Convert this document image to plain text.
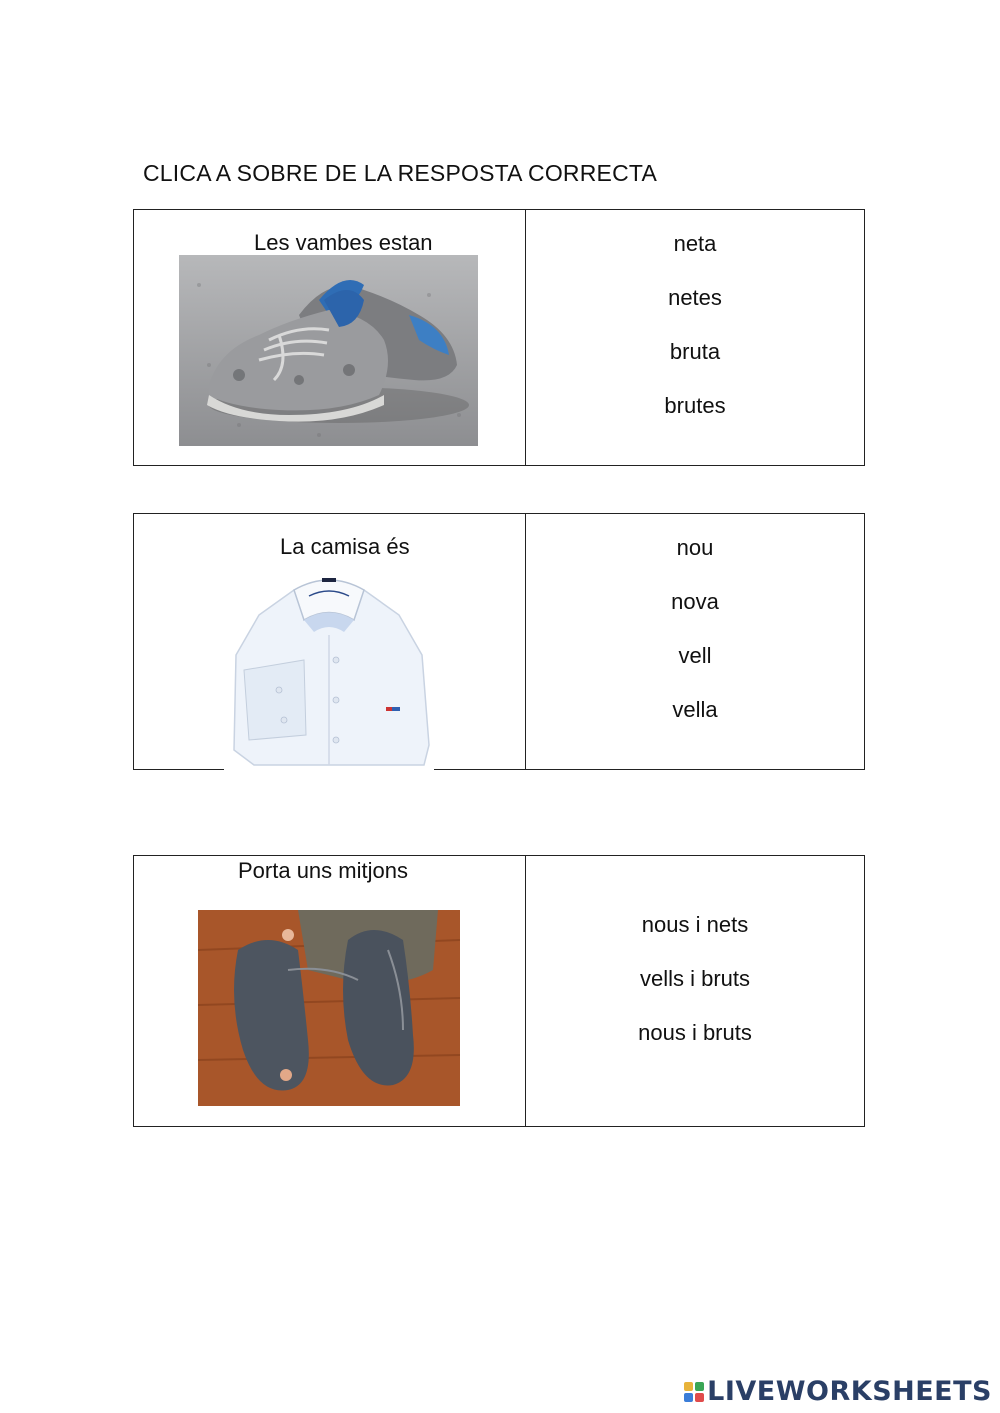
CLICA A SOBRE DE LA RESPOSTA CORRECTA
Les vambes estan	neta
netes
bruta
brutes
La camisa és	nou
nova
vell
vella
Porta uns mitjons
nous i nets
vells i bruts
nous i bruts
LIVEWORKSHEETS
